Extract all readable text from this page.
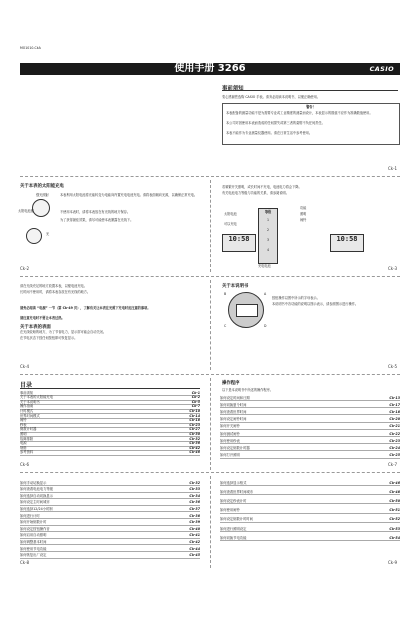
MO1010-CkA
使用手册 3266	CASIO
事前须知
衷心感谢您选购 CASIO 手表。请务必阅读本说明书，以便正确使用。
警告！
本表配备的测量功能不是为需要专业或工业精度的测量而设计，本表显示的数值不应作为准确数值使用。
本公司对因使用本表而造成的任何损失或第三者的索赔不负任何责任。
本表不能作为专业测量仪器使用。请在日常生活中参考使用。
Ck-1
关于本表的太阳能充电
强光照射
太阳电池板
光
本表利用太阳电池将光能转变为电能向内置充电电池充电。请将表面朝向光源，以确保正常充电。
不使用本表时，请将本表放在有光线的地方保存。
为了获得最佳效果，请尽可能使本表暴露在光线下。
Ck-2
若频繁开关照明，或长时间不充电，电池电力将会下降。
有关电池电力等级与功能的关系，请参阅说明。
太阳电池
可以充电
等级
1
2
3
4
充电电池
功能
照明
闹铃
10:58	10:58
Ck-3
请在光线充足的地方放置本表，以便电池充电。
长时间不使用时，请将本表存放在有光线的地方。
请务必阅读 “电源” 一节（第 Ck-49 页），了解有关让本表在光照下充电时应注意的事项。
请注意充电时不要让本表过热。
关于本表的表面
在光线较暗的地方，为了节省电力，显示屏可能会自动关闭。
在节电状态下按任何按钮即可恢复显示。
Ck-4
关于本说明书
B	A
C	D
按钮操作以图中所示的字母表示。
本说明书中各功能的说明以图示表示，请参照图示进行操作。
Ck-5
目录
事前须知	Ck-1
关于本表的太阳能充电	Ck-2
关于本说明书	Ck-5
操作指南	Ck-7
计时模式	Ck-10
世界时间模式	Ck-14
闹铃	Ck-18
秒表	Ck-23
倒数计时器	Ck-27
照明	Ck-30
故障排除	Ck-32
电源	Ck-36
规格	Ck-42
参考资料	Ck-46
Ck-6
操作程序
以下是本说明书中所述的操作程序。
如何设定时间和日期	Ck-13
如何切换夏令时间	Ck-17
如何查看世界时间	Ck-18
如何设定闹铃时间	Ck-20
如何开关闹铃	Ck-21
如何测试闹铃	Ck-22
如何使用秒表	Ck-23
如何设定倒数计时器	Ck-24
如何打开照明	Ck-25
Ck-7
如何手动切换显示	Ck-32
如何查看电池电力等级	Ck-33
如何选择自动切换显示	Ck-34
如何设定主时间城市	Ck-36
如何选择12/24小时制	Ck-37
如何进行计时	Ck-38
如何开始倒数计时	Ck-39
如何设定按钮操作音	Ck-40
如何启用自动照明	Ck-41
如何调整基本时间	Ck-42
如何使用节电功能	Ck-44
如何恢复出厂设定	Ck-45
Ck-8
如何选择显示格式	Ck-46
如何查看世界时间城市	Ck-48
如何设定秒表计时	Ck-50
如何使用闹铃	Ck-51
如何设定倒数计时时间	Ck-52
如何进行照明设定	Ck-53
如何切换节电功能	Ck-54
Ck-9
